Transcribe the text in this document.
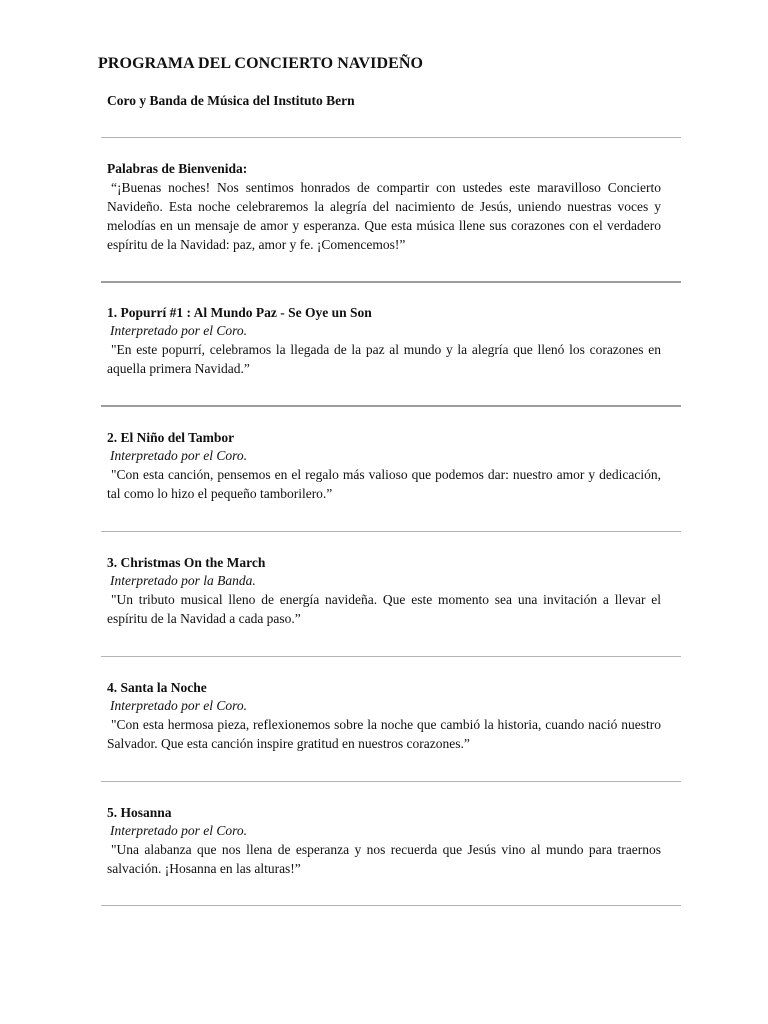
PROGRAMA DEL CONCIERTO NAVIDEÑO
Coro y Banda de Música del Instituto Bern

Palabras de Bienvenida:

“¡Buenas noches! Nos sentimos honrados de compartir con ustedes este maravilloso Concierto Navideño. Esta noche celebraremos la alegría del nacimiento de Jesús, uniendo nuestras voces y melodías en un mensaje de amor y esperanza. Que esta música llene sus corazones con el verdadero espíritu de la Navidad: paz, amor y fe. ¡Comencemos!”

1. Popurrí #1 : Al Mundo Paz - Se Oye un Son

Interpretado por el Coro.

"En este popurrí, celebramos la llegada de la paz al mundo y la alegría que llenó los corazones en aquella primera Navidad.”

2. El Niño del Tambor

Interpretado por el Coro.

"Con esta canción, pensemos en el regalo más valioso que podemos dar: nuestro amor y dedicación, tal como lo hizo el pequeño tamborilero.”

3. Christmas On the March

Interpretado por la Banda.

"Un tributo musical lleno de energía navideña. Que este momento sea una invitación a llevar el espíritu de la Navidad a cada paso.”

4. Santa la Noche

Interpretado por el Coro.

"Con esta hermosa pieza, reflexionemos sobre la noche que cambió la historia, cuando nació nuestro Salvador. Que esta canción inspire gratitud en nuestros corazones.”

5. Hosanna

Interpretado por el Coro.

"Una alabanza que nos llena de esperanza y nos recuerda que Jesús vino al mundo para traernos salvación. ¡Hosanna en las alturas!”
